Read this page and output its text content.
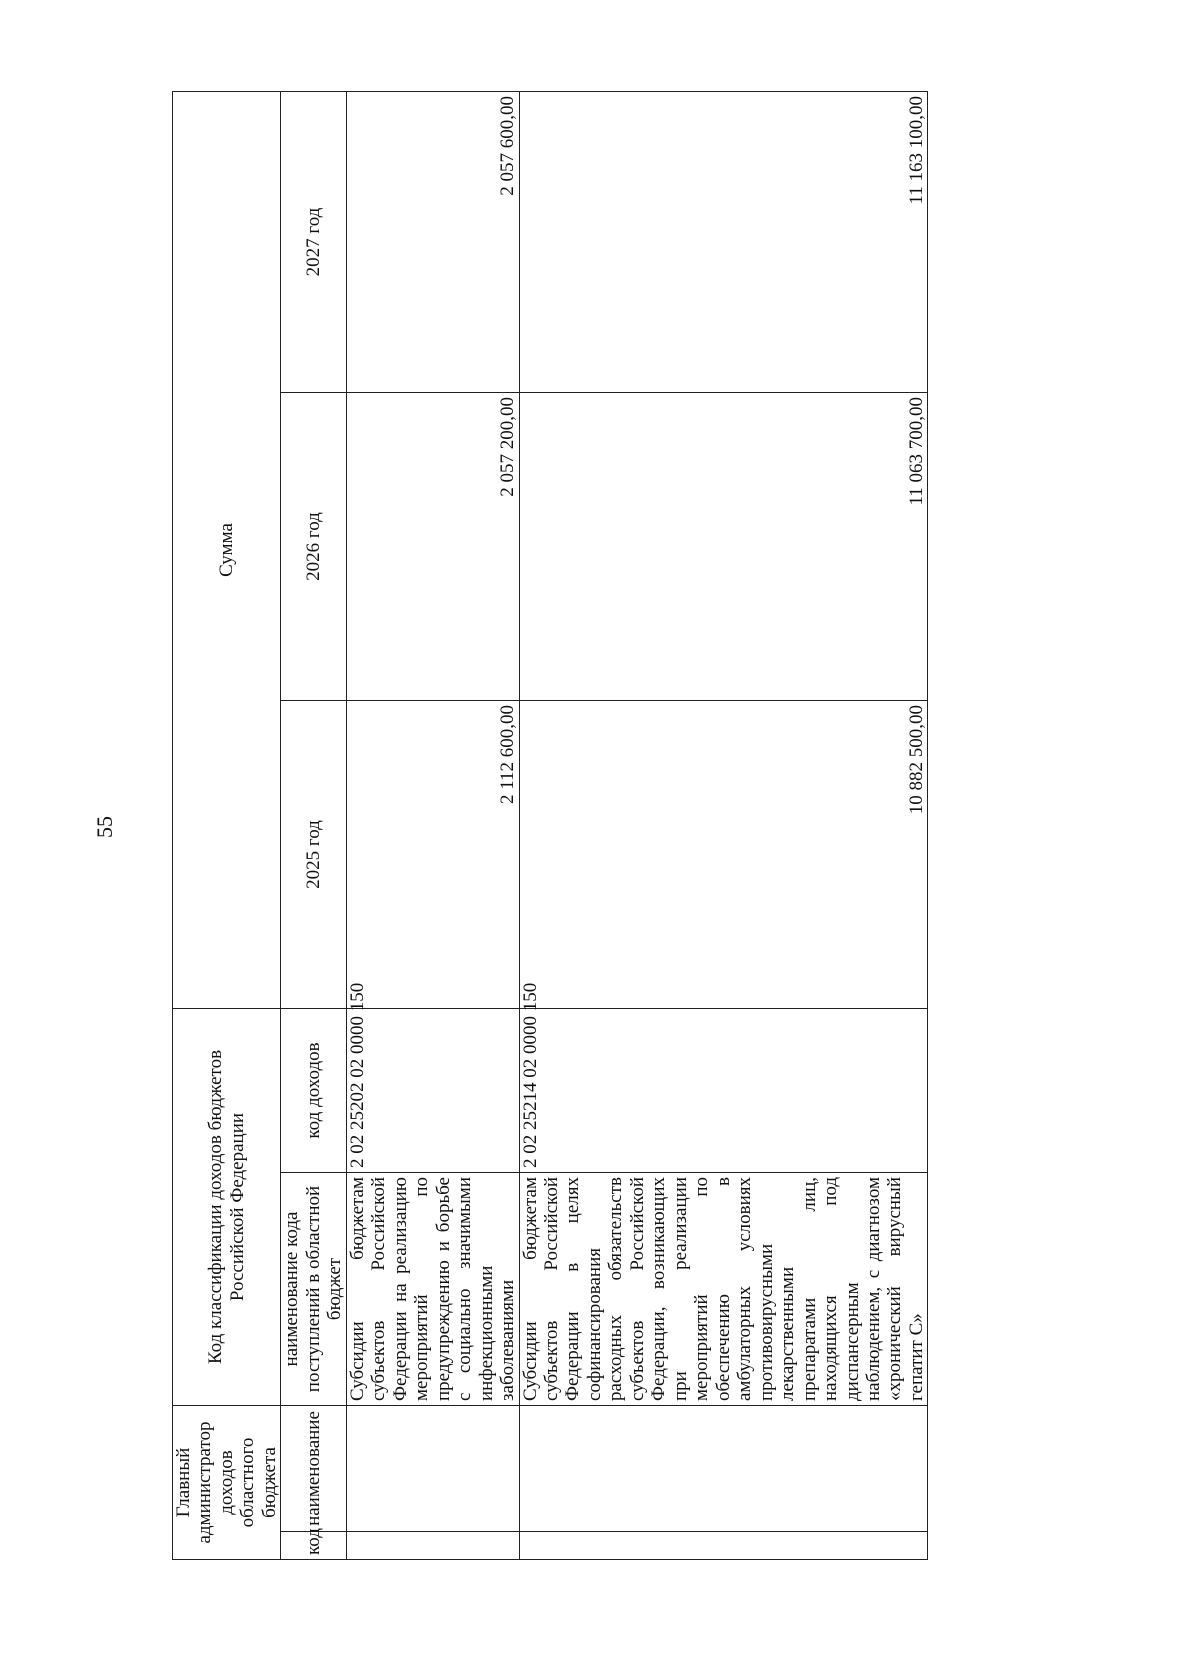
55
Главный администратор доходов областного бюджета		Код классификации доходов бюджетов Российской Федерации		Сумма		
код	наименование	наименование кода поступлений в областной бюджет	код доходов	2025 год	2026 год	2027 год
		Субсидии бюджетам субъектов Российской Федерации на реализацию мероприятий по предупреждению и борьбе с социально значимыми инфекционными заболеваниями	2 02 25202 02 0000 150	2 112 600,00	2 057 200,00	2 057 600,00
		Субсидии бюджетам субъектов Российской Федерации в целях софинансирования расходных обязательств субъектов Российской Федерации, возникающих при реализации мероприятий по обеспечению в амбулаторных условиях противовирусными лекарственными препаратами лиц, находящихся под диспансерным наблюдением, с диагнозом «хронический вирусный гепатит С»	2 02 25214 02 0000 150	10 882 500,00	11 063 700,00	11 163 100,00
